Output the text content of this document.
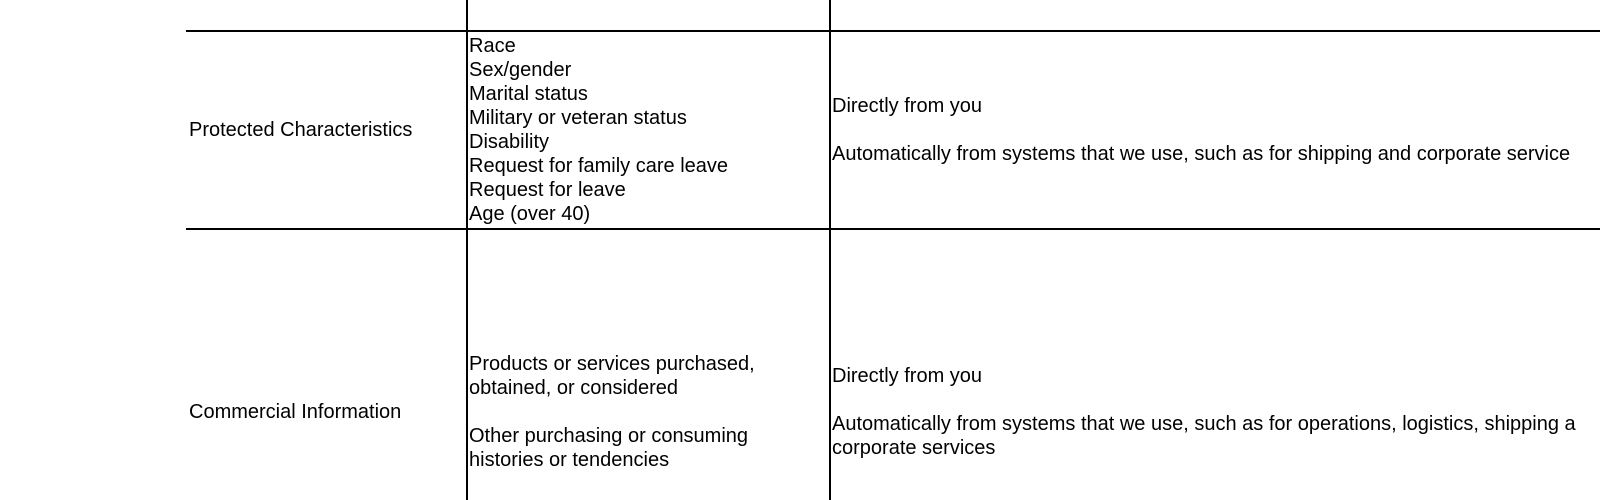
Protected Characteristics
Race
Sex/gender
Marital status
Military or veteran status
Disability
Request for family care leave
Request for leave
Age (over 40)
Directly from you
Automatically from systems that we use, such as for shipping and corporate service
Commercial Information
Products or services purchased,
obtained, or considered
Other purchasing or consuming
histories or tendencies
Directly from you
Automatically from systems that we use, such as for operations, logistics, shipping a
corporate services
